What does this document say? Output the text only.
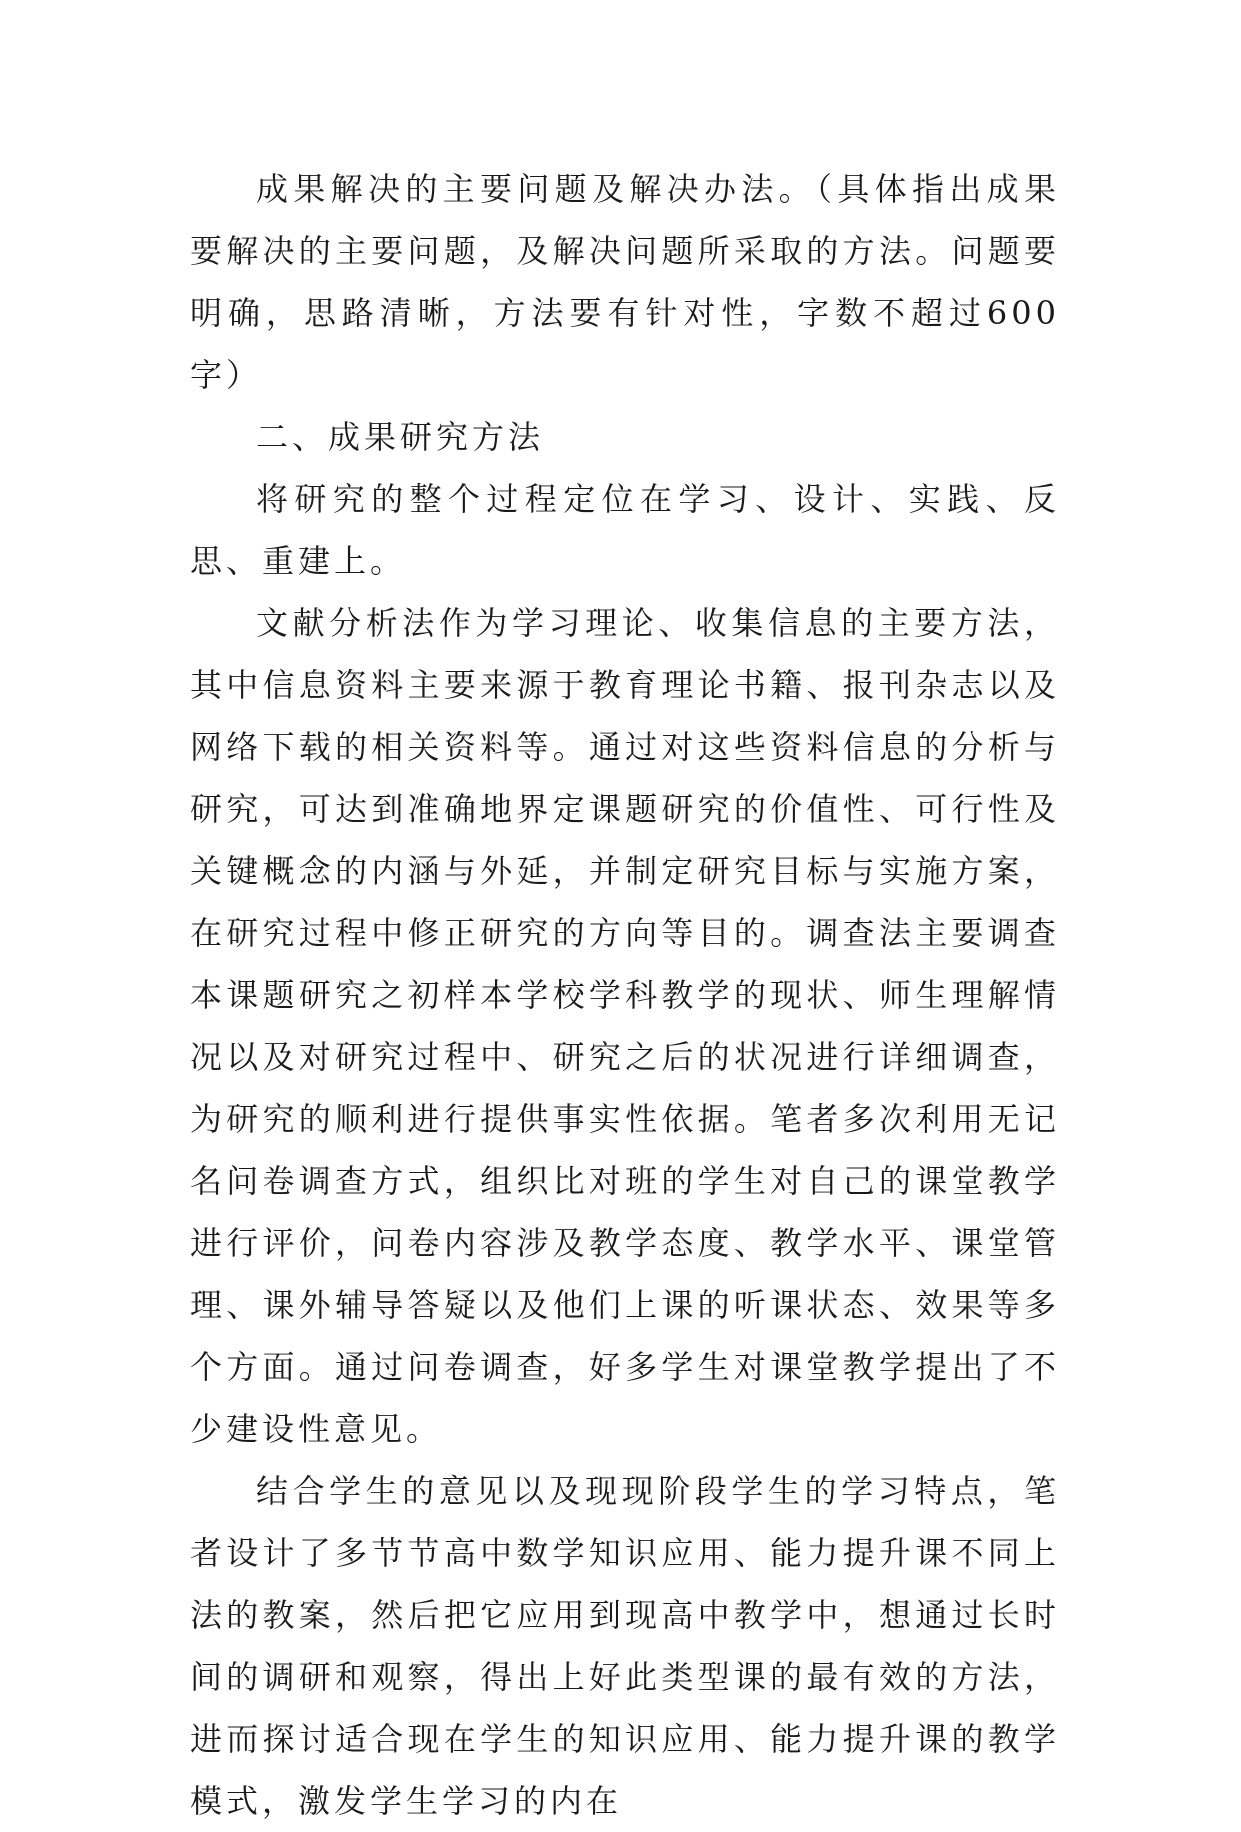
成果解决的主要问题及解决办法。（具体指出成果要解决的主要问题，及解决问题所采取的方法。问题要明确，思路清晰，方法要有针对性，字数不超过600字）

二、成果研究方法

将研究的整个过程定位在学习、设计、实践、反思、重建上。

文献分析法作为学习理论、收集信息的主要方法，其中信息资料主要来源于教育理论书籍、报刊杂志以及网络下载的相关资料等。通过对这些资料信息的分析与研究，可达到准确地界定课题研究的价值性、可行性及关键概念的内涵与外延，并制定研究目标与实施方案，在研究过程中修正研究的方向等目的。调查法主要调查本课题研究之初样本学校学科教学的现状、师生理解情况以及对研究过程中、研究之后的状况进行详细调查，为研究的顺利进行提供事实性依据。笔者多次利用无记名问卷调查方式，组织比对班的学生对自己的课堂教学进行评价，问卷内容涉及教学态度、教学水平、课堂管理、课外辅导答疑以及他们上课的听课状态、效果等多个方面。通过问卷调查，好多学生对课堂教学提出了不少建设性意见。

结合学生的意见以及现现阶段学生的学习特点，笔者设计了多节节高中数学知识应用、能力提升课不同上法的教案，然后把它应用到现高中教学中，想通过长时间的调研和观察，得出上好此类型课的最有效的方法，进而探讨适合现在学生的知识应用、能力提升课的教学模式，激发学生学习的内在
